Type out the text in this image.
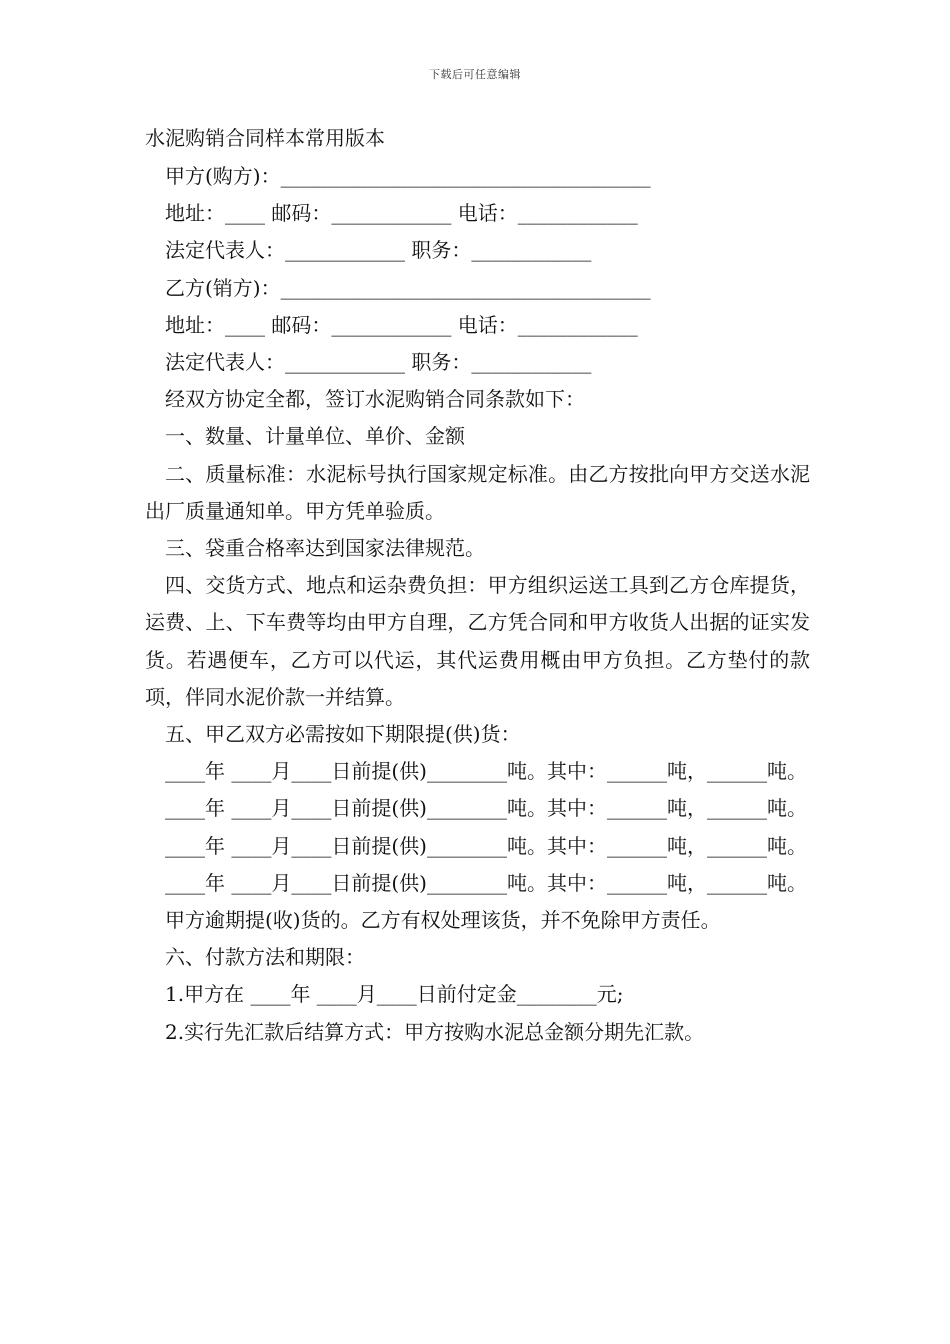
下载后可任意编辑

水泥购销合同样本常用版本

甲方(购方)：_____________________________________

地址：____ 邮码：____________ 电话：____________

法定代表人：____________ 职务：____________

乙方(销方)：_____________________________________

地址：____ 邮码：____________ 电话：____________

法定代表人：____________ 职务：____________

经双方协定全都，签订水泥购销合同条款如下：

一、数量、计量单位、单价、金额

二、质量标准：水泥标号执行国家规定标准。由乙方按批向甲方交送水泥出厂质量通知单。甲方凭单验质。

三、袋重合格率达到国家法律规范。

四、交货方式、地点和运杂费负担：甲方组织运送工具到乙方仓库提货，运费、上、下车费等均由甲方自理，乙方凭合同和甲方收货人出据的证实发货。若遇便车，乙方可以代运，其代运费用概由甲方负担。乙方垫付的款项，伴同水泥价款一并结算。

五、甲乙双方必需按如下期限提(供)货：

____年 ____月____日前提(供)________吨。其中：______吨，______吨。

____年 ____月____日前提(供)________吨。其中：______吨，______吨。

____年 ____月____日前提(供)________吨。其中：______吨，______吨。

____年 ____月____日前提(供)________吨。其中：______吨，______吨。

甲方逾期提(收)货的。乙方有权处理该货，并不免除甲方责任。

六、付款方法和期限：

1.甲方在 ____年 ____月____日前付定金________元;

2.实行先汇款后结算方式：甲方按购水泥总金额分期先汇款。
